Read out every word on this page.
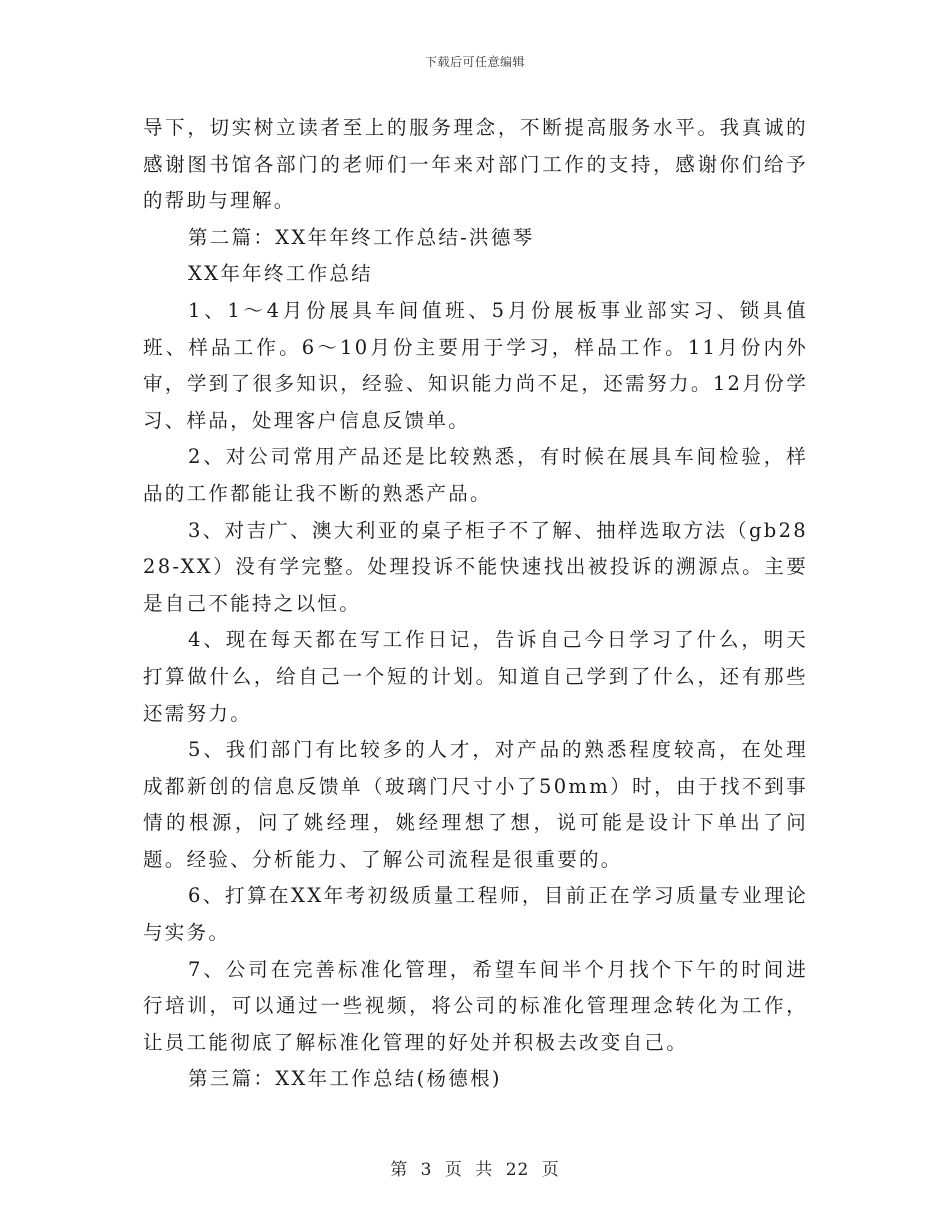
下载后可任意编辑

导下，切实树立读者至上的服务理念，不断提高服务水平。我真诚的感谢图书馆各部门的老师们一年来对部门工作的支持，感谢你们给予的帮助与理解。

第二篇：XX年年终工作总结-洪德琴

XX年年终工作总结

1、1～4月份展具车间值班、5月份展板事业部实习、锁具值班、样品工作。6～10月份主要用于学习，样品工作。11月份内外审，学到了很多知识，经验、知识能力尚不足，还需努力。12月份学习、样品，处理客户信息反馈单。

2、对公司常用产品还是比较熟悉，有时候在展具车间检验，样品的工作都能让我不断的熟悉产品。

3、对吉广、澳大利亚的桌子柜子不了解、抽样选取方法（gb2828-XX）没有学完整。处理投诉不能快速找出被投诉的溯源点。主要是自己不能持之以恒。

4、现在每天都在写工作日记，告诉自己今日学习了什么，明天打算做什么，给自己一个短的计划。知道自己学到了什么，还有那些还需努力。

5、我们部门有比较多的人才，对产品的熟悉程度较高，在处理成都新创的信息反馈单（玻璃门尺寸小了50mm）时，由于找不到事情的根源，问了姚经理，姚经理想了想，说可能是设计下单出了问题。经验、分析能力、了解公司流程是很重要的。

6、打算在XX年考初级质量工程师，目前正在学习质量专业理论与实务。

7、公司在完善标准化管理，希望车间半个月找个下午的时间进行培训，可以通过一些视频，将公司的标准化管理理念转化为工作，让员工能彻底了解标准化管理的好处并积极去改变自己。

第三篇：XX年工作总结(杨德根)

第 3 页 共 22 页
